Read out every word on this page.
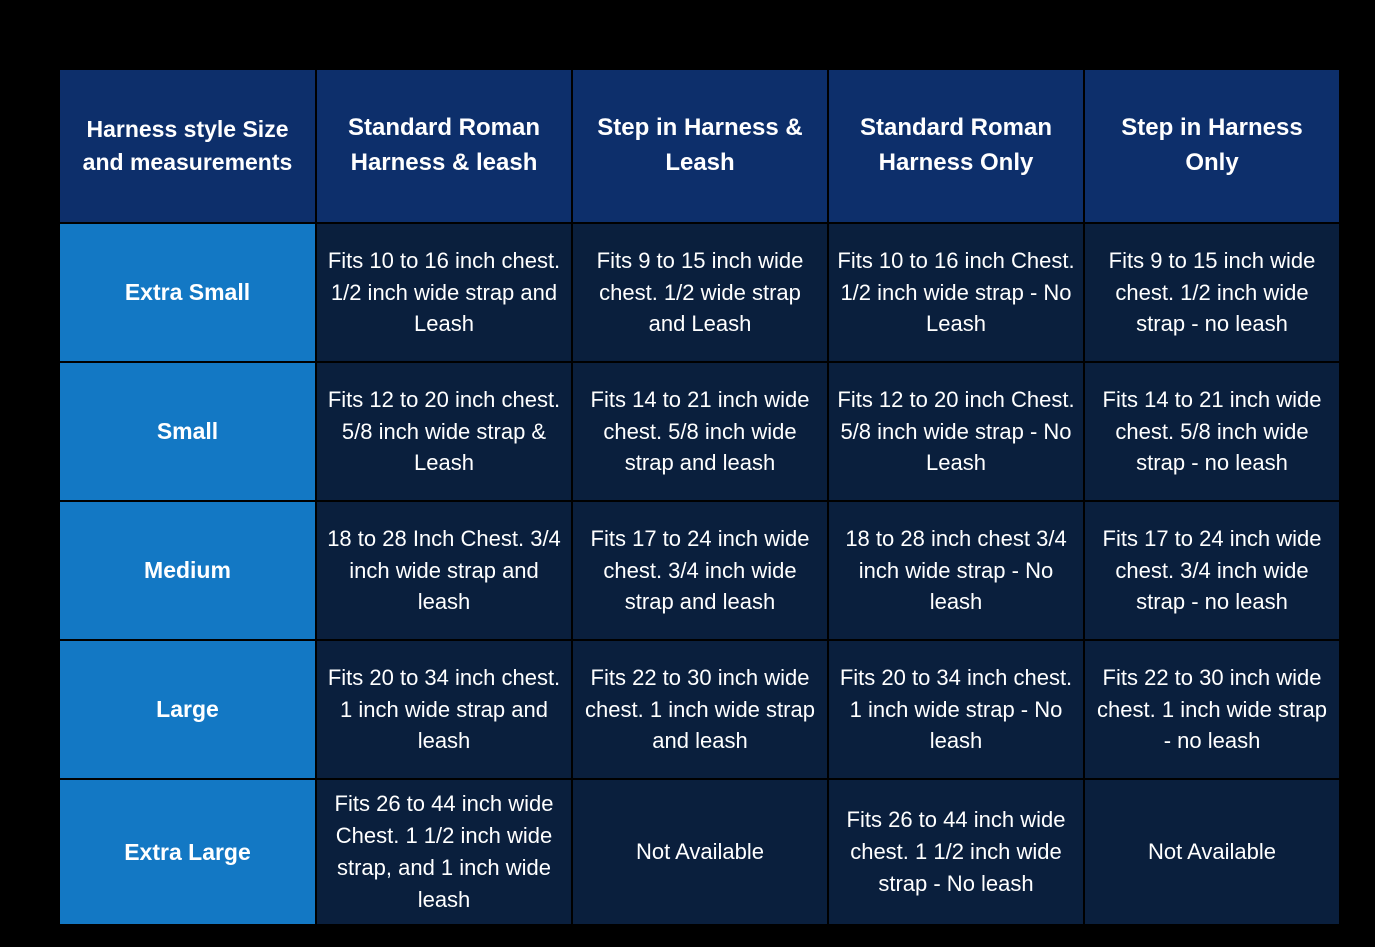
Harness style Size and measurements	Standard Roman Harness & leash	Step in Harness & Leash	Standard Roman Harness Only	Step in Harness Only
Extra Small	Fits 10 to 16 inch chest. 1/2 inch wide strap and Leash	Fits 9 to 15 inch wide chest. 1/2 wide strap and Leash	Fits 10 to 16 inch Chest. 1/2 inch wide strap - No Leash	Fits 9 to 15 inch wide chest. 1/2 inch wide strap - no leash
Small	Fits 12 to 20 inch chest. 5/8 inch wide strap & Leash	Fits 14 to 21 inch wide chest. 5/8 inch wide strap and leash	Fits 12 to 20 inch Chest. 5/8 inch wide strap - No Leash	Fits 14 to 21 inch wide chest. 5/8 inch wide strap - no leash
Medium	18 to 28 Inch Chest. 3/4 inch wide strap and leash	Fits 17 to 24 inch wide chest. 3/4 inch wide strap and leash	18 to 28 inch chest 3/4 inch wide strap - No leash	Fits 17 to 24 inch wide chest. 3/4 inch wide strap - no leash
Large	Fits 20 to 34 inch chest. 1 inch wide strap and leash	Fits 22 to 30 inch wide chest. 1 inch wide strap and leash	Fits 20 to 34 inch chest. 1 inch wide strap - No leash	Fits 22 to 30 inch wide chest. 1 inch wide strap - no leash
Extra Large	Fits 26 to 44 inch wide Chest. 1 1/2 inch wide strap, and 1 inch wide leash	Not Available	Fits 26 to 44 inch wide chest. 1 1/2 inch wide strap - No leash	Not Available
